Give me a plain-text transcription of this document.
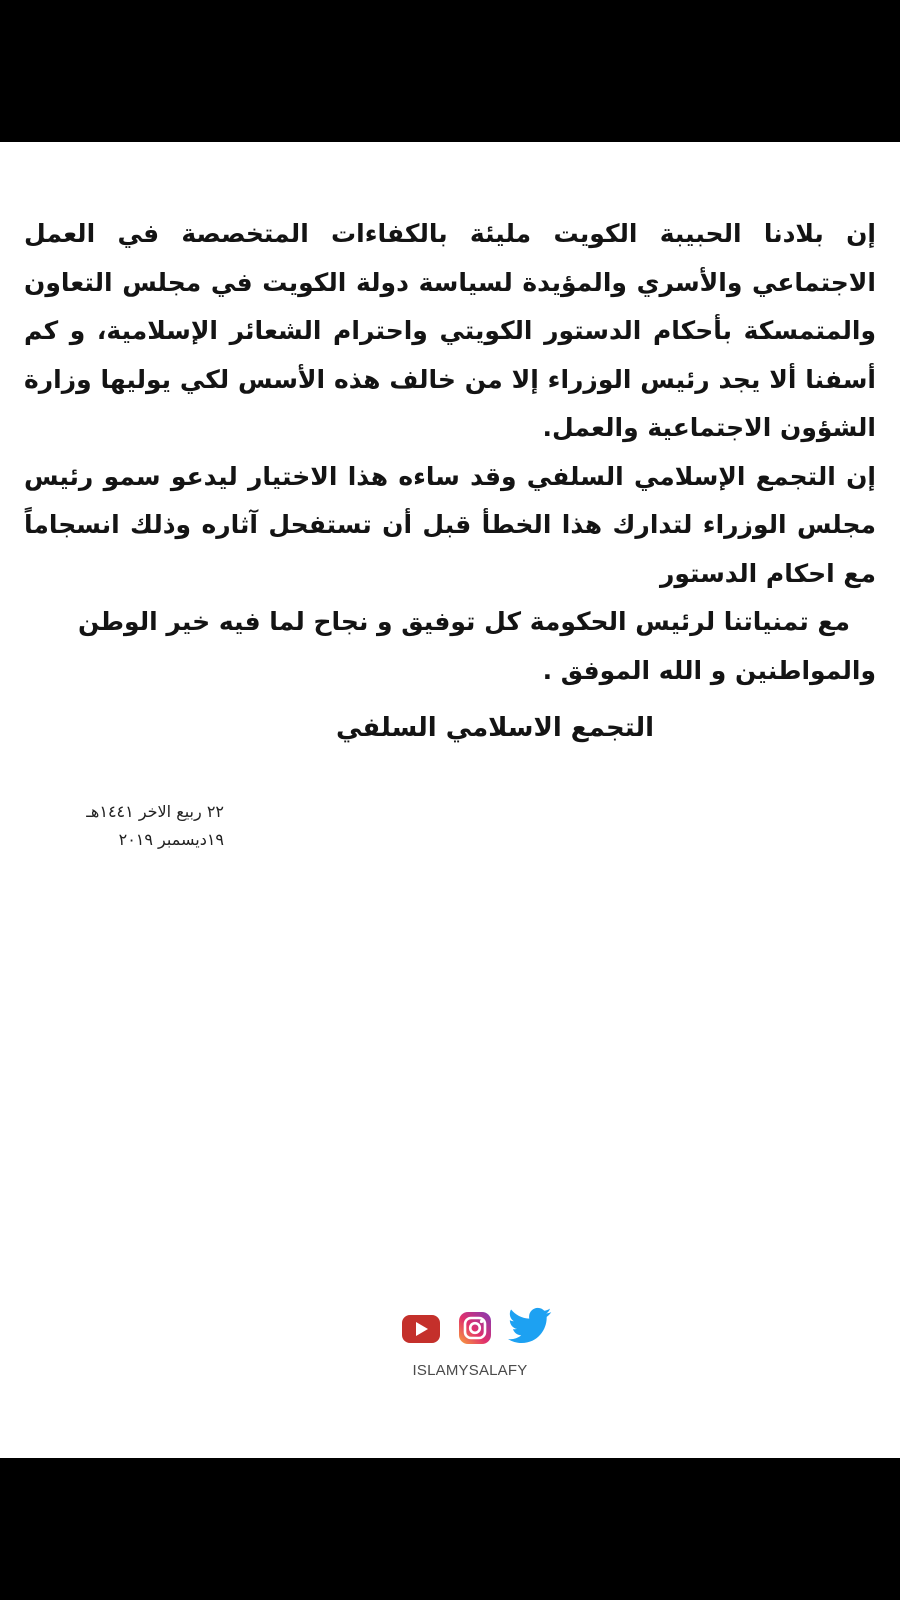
إن بلادنا الحبيبة الكويت مليئة بالكفاءات المتخصصة في العمل الاجتماعي والأسري والمؤيدة لسياسة دولة الكويت في مجلس التعاون والمتمسكة بأحكام الدستور الكويتي واحترام الشعائر الإسلامية، و كم أسفنا ألا يجد رئيس الوزراء إلا من خالف هذه الأسس لكي يوليها وزارة الشؤون الاجتماعية والعمل.

إن التجمع الإسلامي السلفي وقد ساءه هذا الاختيار ليدعو سمو رئيس مجلس الوزراء لتدارك هذا الخطأ قبل أن تستفحل آثاره وذلك انسجاماً مع احكام الدستور

مع تمنياتنا لرئيس الحكومة كل توفيق و نجاح لما فيه خير الوطن

والمواطنين و الله الموفق .

التجمع الاسلامي السلفي
٢٢ ربيع الاخر ١٤٤١هـ
١٩ديسمبر ٢٠١٩
ISLAMYSALAFY
